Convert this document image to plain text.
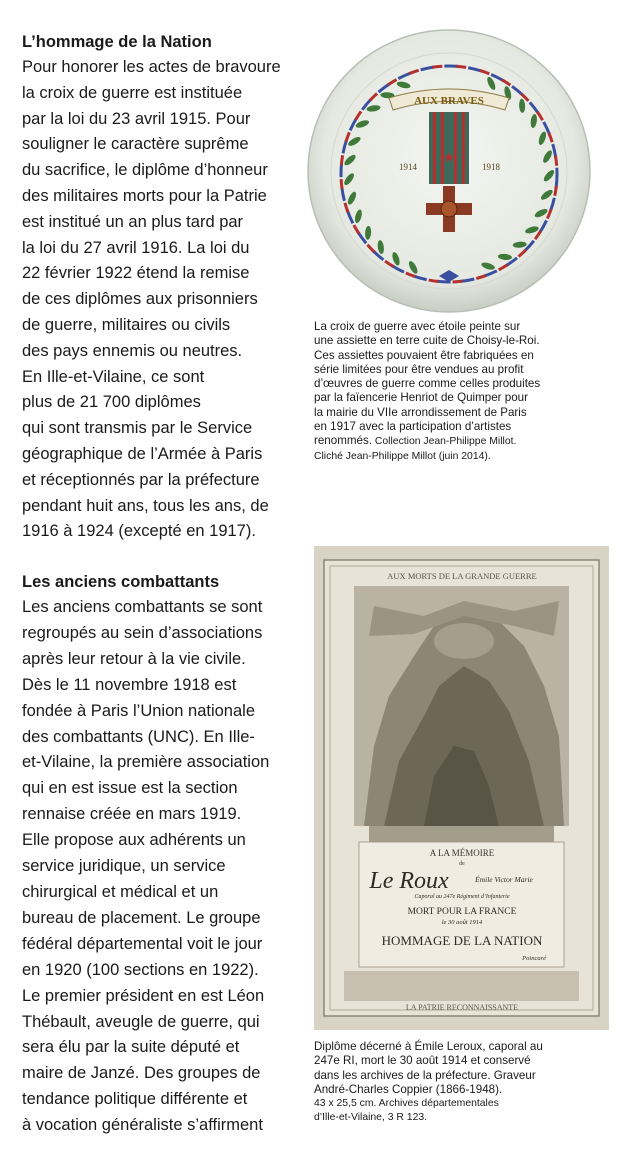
L’hommage de la Nation

Pour honorer les actes de bravoure
la croix de guerre est instituée
par la loi du 23 avril 1915. Pour
souligner le caractère suprême
du sacrifice, le diplôme d’honneur
des militaires morts pour la Patrie
est institué un an plus tard par
la loi du 27 avril 1916. La loi du
22 février 1922 étend la remise
de ces diplômes aux prisonniers
de guerre, militaires ou civils
des pays ennemis ou neutres.
En Ille-et-Vilaine, ce sont
plus de 21 700 diplômes
qui sont transmis par le Service
géographique de l’Armée à Paris
et réceptionnés par la préfecture
pendant huit ans, tous les ans, de
1916 à 1924 (excepté en 1917).

Les anciens combattants

Les anciens combattants se sont
regroupés au sein d’associations
après leur retour à la vie civile.
Dès le 11 novembre 1918 est
fondée à Paris l’Union nationale
des combattants (UNC). En Ille-
et-Vilaine, la première association
qui en est issue est la section
rennaise créée en mars 1919.
Elle propose aux adhérents un
service juridique, un service
chirurgical et médical et un
bureau de placement. Le groupe
fédéral départemental voit le jour
en 1920 (100 sections en 1922).
Le premier président en est Léon
Thébault, aveugle de guerre, qui
sera élu par la suite député et
maire de Janzé. Des groupes de
tendance politique différente et
à vocation généraliste s’affirment
AUX BRAVES
★
1914	1918
La croix de guerre avec étoile peinte sur
une assiette en terre cuite de Choisy-le-Roi.
Ces assiettes pouvaient être fabriquées en
série limitées pour être vendues au profit
d’œuvres de guerre comme celles produites
par la faïencerie Henriot de Quimper pour
la mairie du VIIe arrondissement de Paris
en 1917 avec la participation d’artistes
renommés. Collection Jean-Philippe Millot.
Cliché Jean-Philippe Millot (juin 2014).
AUX MORTS DE LA GRANDE GUERRE
A LA MÉMOIRE
de
Le Roux	Émile Victor Marie
Caporal au 247e Régiment d’Infanterie
MORT POUR LA FRANCE
le 30 août 1914
HOMMAGE DE LA NATION
Poincaré
LA PATRIE RECONNAISSANTE
Diplôme décerné à Émile Leroux, caporal au
247e RI, mort le 30 août 1914 et conservé
dans les archives de la préfecture. Graveur
André-Charles Coppier (1866-1948).
43 x 25,5 cm. Archives départementales
d’Ille-et-Vilaine, 3 R 123.
